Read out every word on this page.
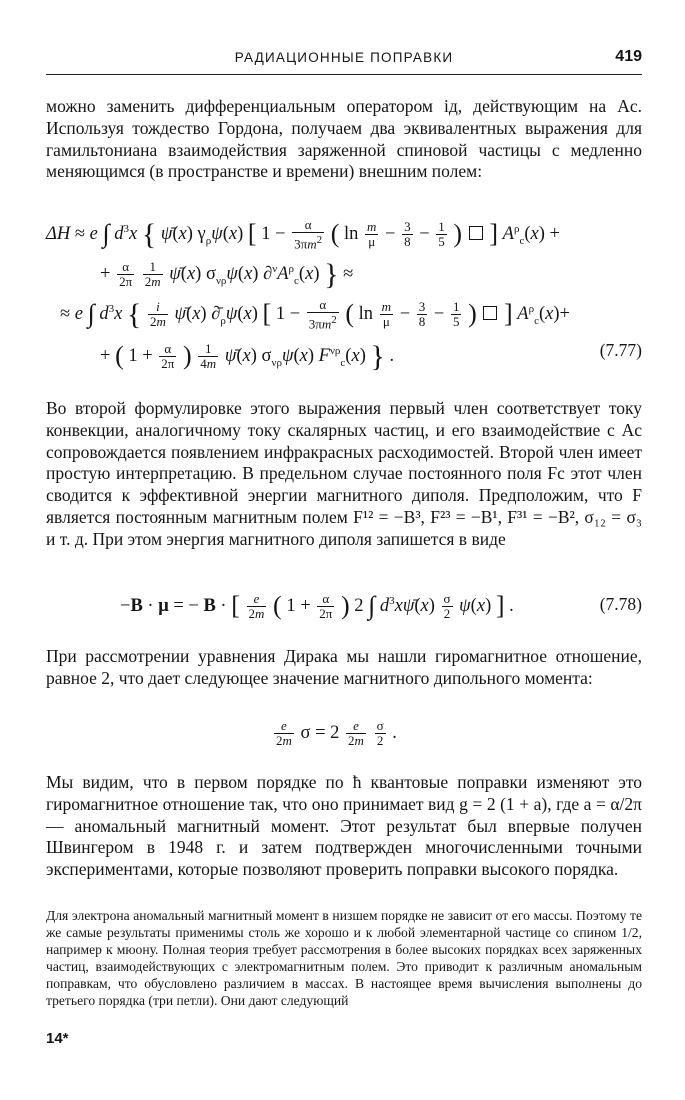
РАДИАЦИОННЫЕ ПОПРАВКИ	419

можно заменить дифференциальным оператором iд, действующим на Ac. Используя тождество Гордона, получаем два эквивалентных выражения для гамильтониана взаимодействия заряженной спиновой частицы с медленно меняющимся (в пространстве и времени) внешним полем:

ΔH ≈ e ∫ $d^3x$ { ψ̄(x) $\gamma_\rho\psi(x)$ [ $1 - \frac{\alpha}{3\pi m^2}$ ( $\ln \frac{m}{\mu} - \frac{3}{8} - \frac{1}{5}$ ) ] $A^\rho_c(x)$ +
+ $\frac{\alpha}{2\pi}$
$\frac{1}{2m}$ ψ̄(x) $\sigma_{\nu\rho}\psi(x)$ $\partial^\nu A^\rho_c(x)$ } ≈
≈ e ∫ $d^3x$ { $\frac{i}{2m}$ ψ̄(x) $\partial̄_\rho\psi(x)$ [ $1 - \frac{\alpha}{3\pi m^2}$ ( $\ln \frac{m}{\mu} - \frac{3}{8} - \frac{1}{5}$ ) ] $A^\rho_c(x)+$
+ ( $1 + \frac{\alpha}{2\pi}$ ) $\frac{1}{4m}$ ψ̄(x) $\sigma_{\nu\rho}\psi(x)$ $F^{\nu\rho}_c(x)$ } .	(7.77)

Во второй формулировке этого выражения первый член соответствует току конвекции, аналогичному току скалярных частиц, и его взаимодействие с Ac сопровождается появлением инфракрасных расходимостей. Второй член имеет простую интерпретацию. В предельном случае постоянного поля Fc этот член сводится к эффективной энергии магнитного диполя. Предположим, что F является постоянным магнитным полем F¹² = −B³, F²³ = −B¹, F³¹ = −B², σ₁₂ = σ₃ и т. д. При этом энергия магнитного диполя запишется в виде

−B · μ = − B · [ $\frac{e}{2m}$ ( $1 + \frac{\alpha}{2\pi}$ ) 2 ∫ $d^3x\psī(x) \frac{\sigma}{2} \psi(x)$ ] .	(7.78)

При рассмотрении уравнения Дирака мы нашли гиромагнитное отношение, равное 2, что дает следующее значение магнитного дипольного момента:

$\frac{e}{2m}$ $\sigma = 2 \frac{e}{2m}$
$\frac{\sigma}{2}$ .

Мы видим, что в первом порядке по ħ квантовые поправки изменяют это гиромагнитное отношение так, что оно принимает вид g = 2 (1 + a), где a = α/2π — аномальный магнитный момент. Этот результат был впервые получен Швингером в 1948 г. и затем подтвержден многочисленными точными экспериментами, которые позволяют проверить поправки высокого порядка.

Для электрона аномальный магнитный момент в низшем порядке не зависит от его массы. Поэтому те же самые результаты применимы столь же хорошо и к любой элементарной частице со спином 1/2, например к мюону. Полная теория требует рассмотрения в более высоких порядках всех заряженных частиц, взаимодействующих с электромагнитным полем. Это приводит к различным аномальным поправкам, что обусловлено различием в массах. В настоящее время вычисления выполнены до третьего порядка (три петли). Они дают следующий

14*
